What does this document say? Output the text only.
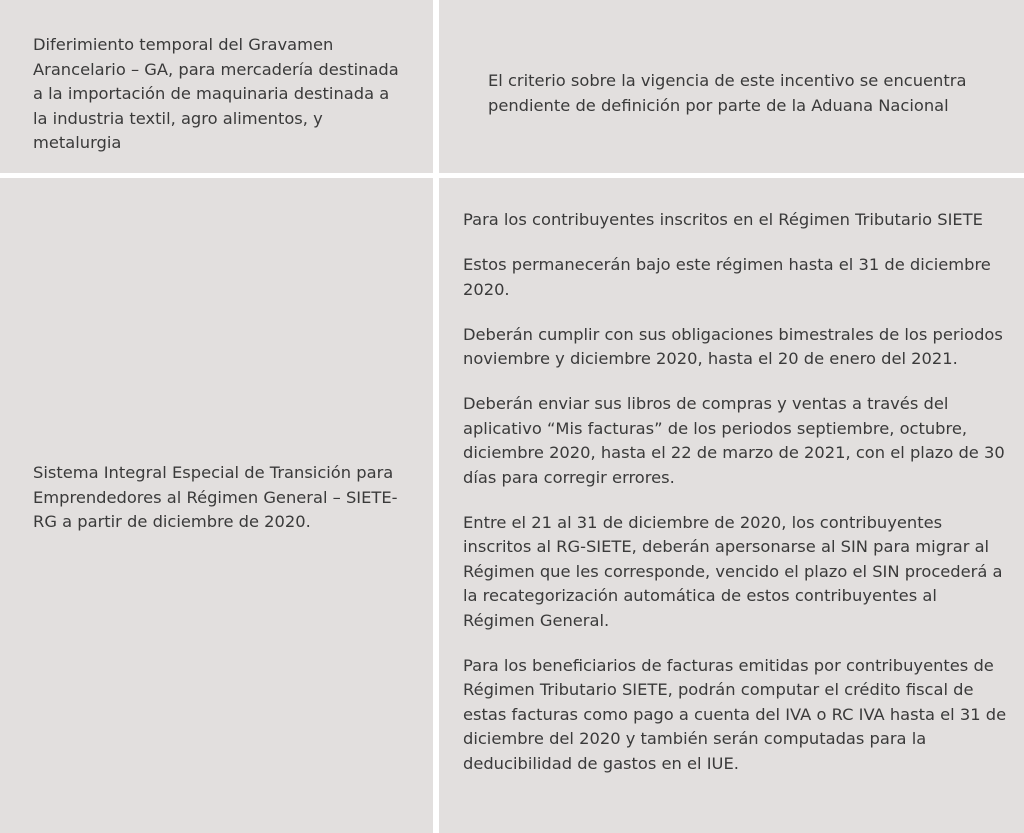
Diferimiento temporal del Gravamen Arancelario – GA, para mercadería destinada a la importación de maquinaria destinada a la industria textil, agro alimentos, y metalurgia
El criterio sobre la vigencia de este incentivo se encuentra pendiente de definición por parte de la Aduana Nacional
Sistema Integral Especial de Transición para Emprendedores al Régimen General – SIETE-RG a partir de diciembre de 2020.

Para los contribuyentes inscritos en el Régimen Tributario SIETE

Estos permanecerán bajo este régimen hasta el 31 de diciembre 2020.

Deberán cumplir con sus obligaciones bimestrales de los periodos noviembre y diciembre 2020, hasta el 20 de enero del 2021.

Deberán enviar sus libros de compras y ventas a través del aplicativo “Mis facturas” de los periodos septiembre, octubre, diciembre 2020, hasta el 22 de marzo de 2021, con el plazo de 30 días para corregir errores.

Entre el 21 al 31 de diciembre de 2020, los contribuyentes inscritos al RG-SIETE, deberán apersonarse al SIN para migrar al Régimen que les corresponde, vencido el plazo el SIN procederá a la recategorización automática de estos contribuyentes al Régimen General.

Para los beneficiarios de facturas emitidas por contribuyentes de Régimen Tributario SIETE, podrán computar el crédito fiscal de estas facturas como pago a cuenta del IVA o RC IVA hasta el 31 de diciembre del 2020 y también serán computadas para la deducibilidad de gastos en el IUE.
